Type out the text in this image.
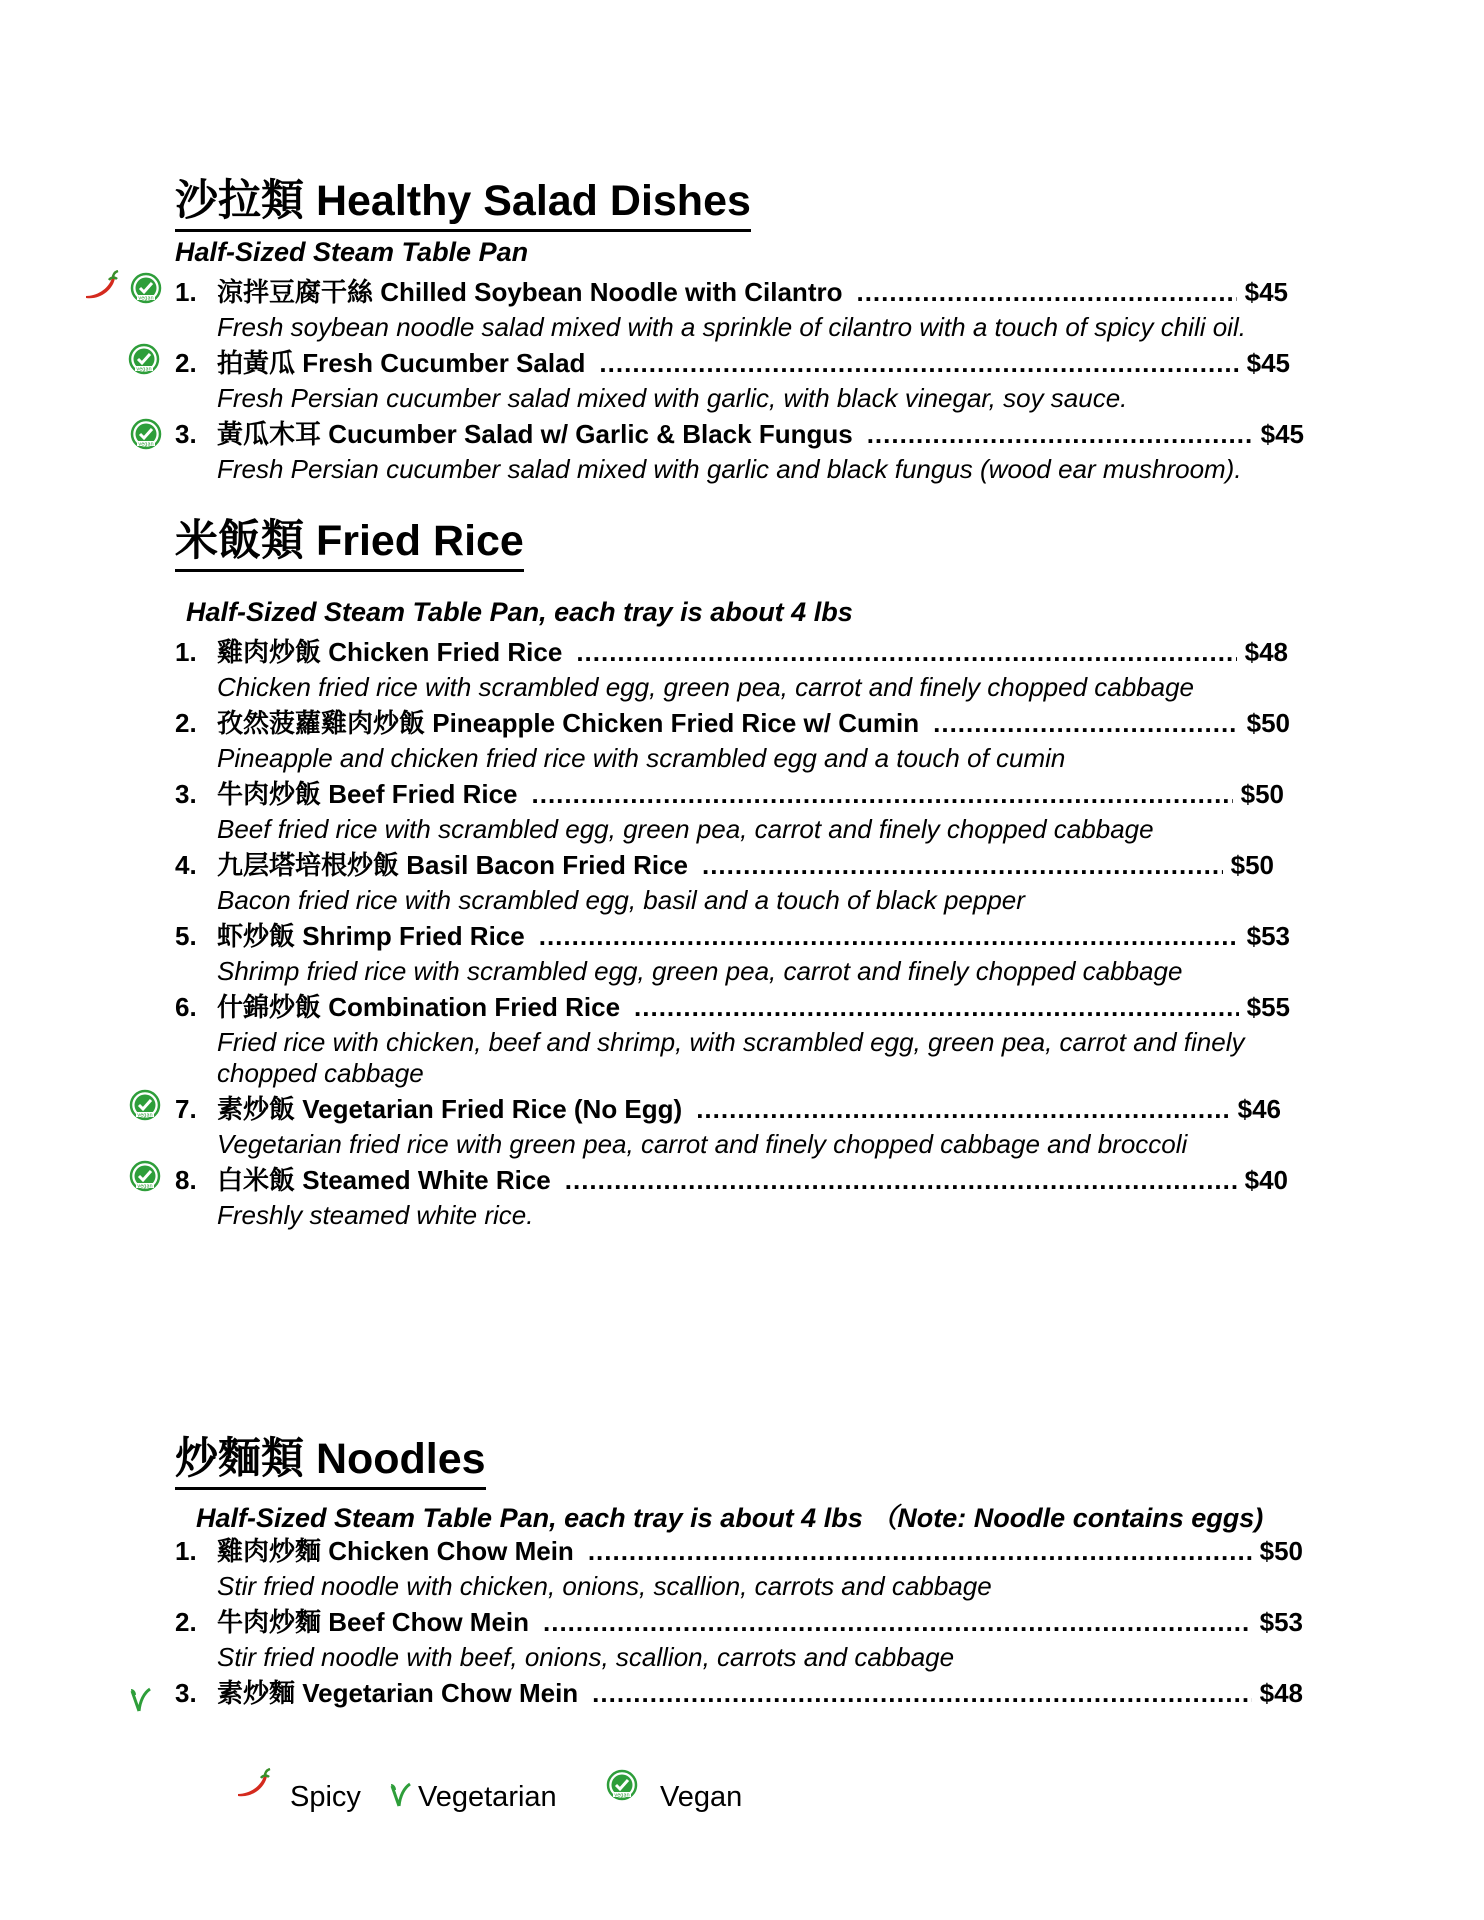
沙拉類 Healthy Salad Dishes
Half-Sized Steam Table Pan
1. 涼拌豆腐干絲 Chilled Soybean Noodle with Cilantro .....	$45
Fresh soybean noodle salad mixed with a sprinkle of cilantro with a touch of spicy chili oil.
2. 拍黃瓜 Fresh Cucumber Salad .....	$45
Fresh Persian cucumber salad mixed with garlic, with black vinegar, soy sauce.
3. 黃瓜木耳 Cucumber Salad w/ Garlic & Black Fungus .....	$45
Fresh Persian cucumber salad mixed with garlic and black fungus (wood ear mushroom).
米飯類 Fried Rice
Half-Sized Steam Table Pan, each tray is about 4 lbs
1. 雞肉炒飯 Chicken Fried Rice .....	$48
Chicken fried rice with scrambled egg, green pea, carrot and finely chopped cabbage
2. 孜然菠蘿雞肉炒飯 Pineapple Chicken Fried Rice w/ Cumin .....	$50
Pineapple and chicken fried rice with scrambled egg and a touch of cumin
3. 牛肉炒飯 Beef Fried Rice .....	$50
Beef fried rice with scrambled egg, green pea, carrot and finely chopped cabbage
4. 九层塔培根炒飯 Basil Bacon Fried Rice .....	$50
Bacon fried rice with scrambled egg, basil and a touch of black pepper
5. 虾炒飯 Shrimp Fried Rice .....	$53
Shrimp fried rice with scrambled egg, green pea, carrot and finely chopped cabbage
6. 什錦炒飯 Combination Fried Rice .....	$55
Fried rice with chicken, beef and shrimp, with scrambled egg, green pea, carrot and finely chopped cabbage
7. 素炒飯 Vegetarian Fried Rice (No Egg) .....	$46
Vegetarian fried rice with green pea, carrot and finely chopped cabbage and broccoli
8. 白米飯 Steamed White Rice .....	$40
Freshly steamed white rice.
炒麵類 Noodles
Half-Sized Steam Table Pan, each tray is about 4 lbs （Note: Noodle contains eggs)
1. 雞肉炒麵 Chicken Chow Mein .....	$50
Stir fried noodle with chicken, onions, scallion, carrots and cabbage
2. 牛肉炒麵 Beef Chow Mein .....	$53
Stir fried noodle with beef, onions, scallion, carrots and cabbage
3. 素炒麵 Vegetarian Chow Mein .....	$48
Spicy Vegetarian	Vegan
